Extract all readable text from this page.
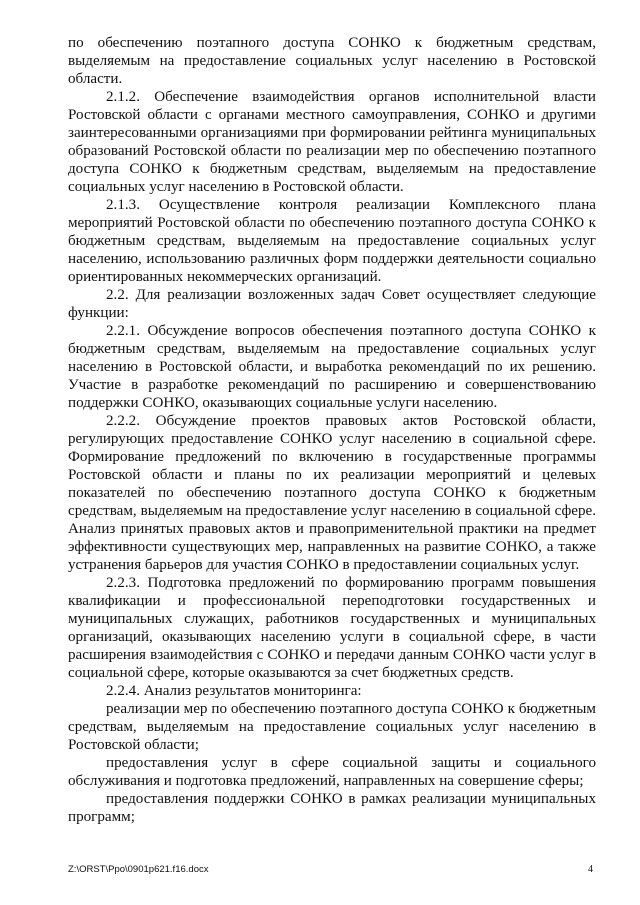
по обеспечению поэтапного доступа СОНКО к бюджетным средствам, выделяемым на предоставление социальных услуг населению в Ростовской области.

2.1.2. Обеспечение взаимодействия органов исполнительной власти Ростовской области с органами местного самоуправления, СОНКО и другими заинтересованными организациями при формировании рейтинга муниципальных образований Ростовской области по реализации мер по обеспечению поэтапного доступа СОНКО к бюджетным средствам, выделяемым на предоставление социальных услуг населению в Ростовской области.

2.1.3. Осуществление контроля реализации Комплексного плана мероприятий Ростовской области по обеспечению поэтапного доступа СОНКО к бюджетным средствам, выделяемым на предоставление социальных услуг населению, использованию различных форм поддержки деятельности социально ориентированных некоммерческих организаций.

2.2. Для реализации возложенных задач Совет осуществляет следующие функции:

2.2.1. Обсуждение вопросов обеспечения поэтапного доступа СОНКО к бюджетным средствам, выделяемым на предоставление социальных услуг населению в Ростовской области, и выработка рекомендаций по их решению. Участие в разработке рекомендаций по расширению и совершенствованию поддержки СОНКО, оказывающих социальные услуги населению.

2.2.2. Обсуждение проектов правовых актов Ростовской области, регулирующих предоставление СОНКО услуг населению в социальной сфере. Формирование предложений по включению в государственные программы Ростовской области и планы по их реализации мероприятий и целевых показателей по обеспечению поэтапного доступа СОНКО к бюджетным средствам, выделяемым на предоставление услуг населению в социальной сфере. Анализ принятых правовых актов и правоприменительной практики на предмет эффективности существующих мер, направленных на развитие СОНКО, а также устранения барьеров для участия СОНКО в предоставлении социальных услуг.

2.2.3. Подготовка предложений по формированию программ повышения квалификации и профессиональной переподготовки государственных и муниципальных служащих, работников государственных и муниципальных организаций, оказывающих населению услуги в социальной сфере, в части расширения взаимодействия с СОНКО и передачи данным СОНКО части услуг в социальной сфере, которые оказываются за счет бюджетных средств.

2.2.4. Анализ результатов мониторинга:

реализации мер по обеспечению поэтапного доступа СОНКО к бюджетным средствам, выделяемым на предоставление социальных услуг населению в Ростовской области;

предоставления услуг в сфере социальной защиты и социального обслуживания и подготовка предложений, направленных на совершение сферы;

предоставления поддержки СОНКО в рамках реализации муниципальных программ;

Z:\ORST\Ppo\0901p621.f16.docx	4
